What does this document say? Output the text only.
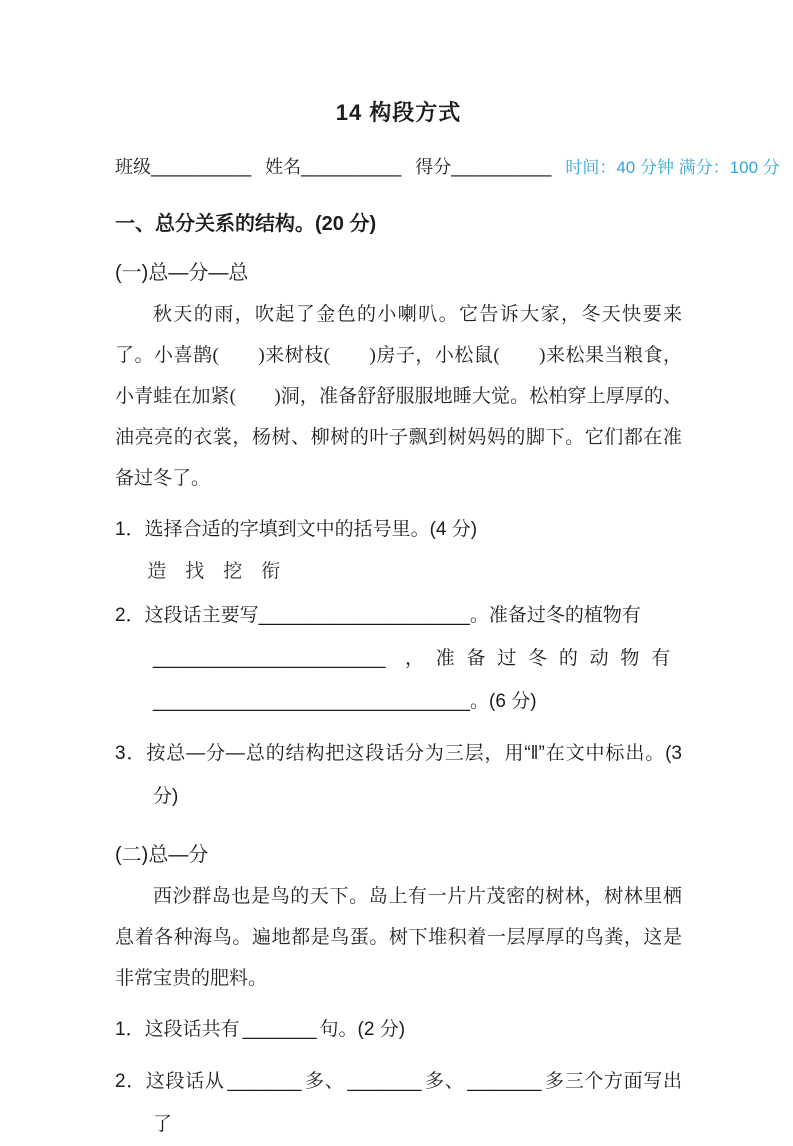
14 构段方式
班级__________ 姓名__________ 得分__________ 时间：40 分钟 满分：100 分
一、总分关系的结构。(20 分)
(一)总—分—总

秋天的雨，吹起了金色的小喇叭。它告诉大家，冬天快要来了。小喜鹊(　　)来树枝(　　)房子，小松鼠(　　)来松果当粮食，小青蛙在加紧(　　)洞，准备舒舒服服地睡大觉。松柏穿上厚厚的、油亮亮的衣裳，杨树、柳树的叶子飘到树妈妈的脚下。它们都在准备过冬了。

1．选择合适的字填到文中的括号里。(4 分)

造　找　挖　衔

2．这段话主要写____________________。准备过冬的植物有
______________________ ，准备过冬的动物有
______________________________。(6 分)

3．按总—分—总的结构把这段话分为三层，用“‖”在文中标出。(3 分)

(二)总—分

西沙群岛也是鸟的天下。岛上有一片片茂密的树林，树林里栖息着各种海鸟。遍地都是鸟蛋。树下堆积着一层厚厚的鸟粪，这是非常宝贵的肥料。

1．这段话共有 _______ 句。(2 分)

2．这段话从 _______ 多、 _______ 多、 _______ 多三个方面写出了
